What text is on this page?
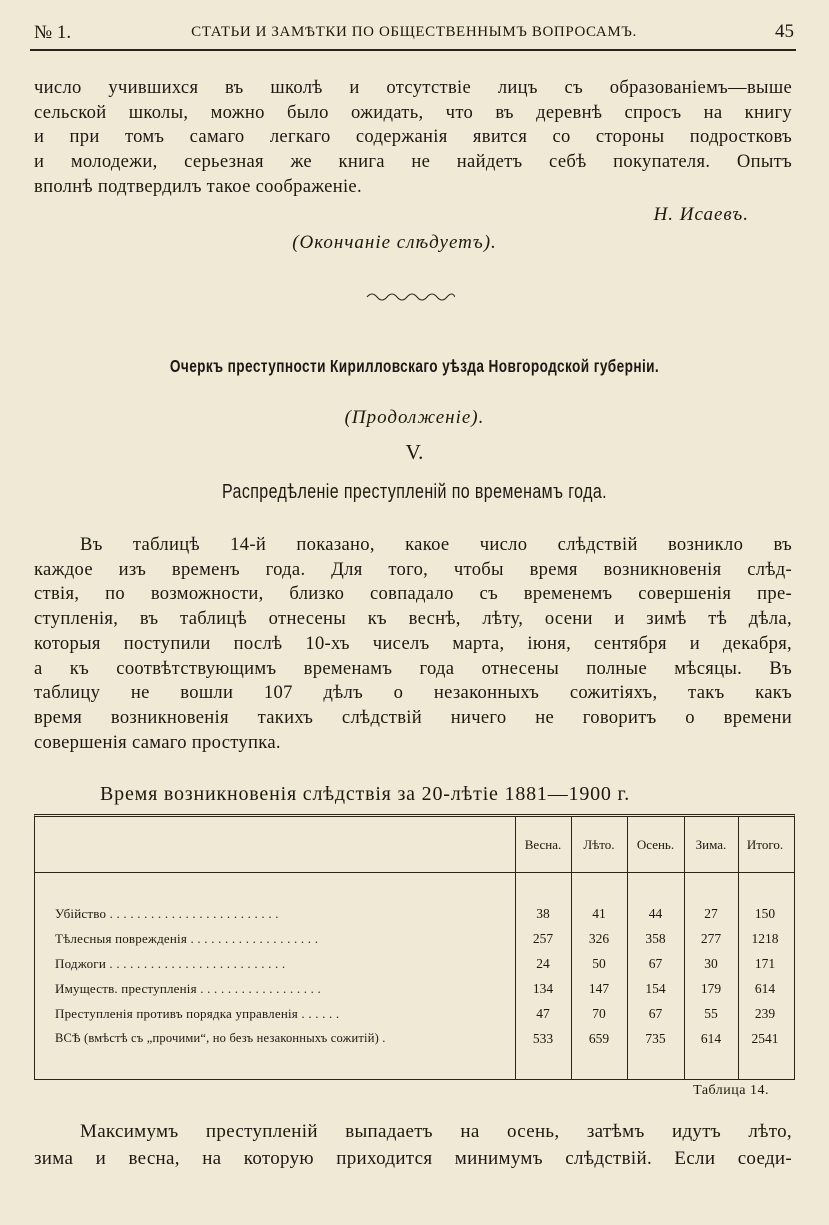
№ 1.	СТАТЬИ И ЗАМѢТКИ ПО ОБЩЕСТВЕННЫМЪ ВОПРОСАМЪ.	45
число учившихся въ школѣ и отсутствіе лицъ съ образованіемъ—выше
сельской школы, можно было ожидать, что въ деревнѣ спросъ на книгу
и при томъ самаго легкаго содержанія явится со стороны подростковъ
и молодежи, серьезная же книга не найдетъ себѣ покупателя. Опытъ
вполнѣ подтвердилъ такое соображеніе.
Н. Исаевъ.
(Окончаніе слѣдуетъ).
Очеркъ преступности Кирилловскаго уѣзда Новгородской губерніи.
(Продолженіе).
V.
Распредѣленіе преступленій по временамъ года.
Въ таблицѣ 14-й показано, какое число слѣдствій возникло въ
каждое изъ временъ года. Для того, чтобы время возникновенія слѣд-
ствія, по возможности, близко совпадало съ временемъ совершенія пре-
ступленія, въ таблицѣ отнесены къ веснѣ, лѣту, осени и зимѣ тѣ дѣла,
которыя поступили послѣ 10-хъ чиселъ марта, іюня, сентября и декабря,
а къ соотвѣтствующимъ временамъ года отнесены полные мѣсяцы. Въ
таблицу не вошли 107 дѣлъ о незаконныхъ сожитіяхъ, такъ какъ
время возникновенія такихъ слѣдствій ничего не говоритъ о времени
совершенія самаго проступка.
Время возникновенія слѣдствія за 20-лѣтіе 1881—1900 г.
Весна.	Лѣто.	Осень.	Зима.	Итого.
Убійство . . . . . . . . . . . . . . . . . . . . . . . . .	38	41	44	27	150
Тѣлесныя поврежденія . . . . . . . . . . . . . . . . . . .	257	326	358	277	1218
Поджоги . . . . . . . . . . . . . . . . . . . . . . . . . .	24	50	67	30	171
Имуществ. преступленія . . . . . . . . . . . . . . . . . .	134	147	154	179	614
Преступленія противъ порядка управленія . . . . . .	47	70	67	55	239
ВСѢ (вмѣстѣ съ „прочими“, но безъ незаконныхъ сожитій) .	533	659	735	614	2541
Таблица 14.
Максимумъ преступленій выпадаетъ на осень, затѣмъ идутъ лѣто,
зима и весна, на которую приходится минимумъ слѣдствій. Если соеди-
